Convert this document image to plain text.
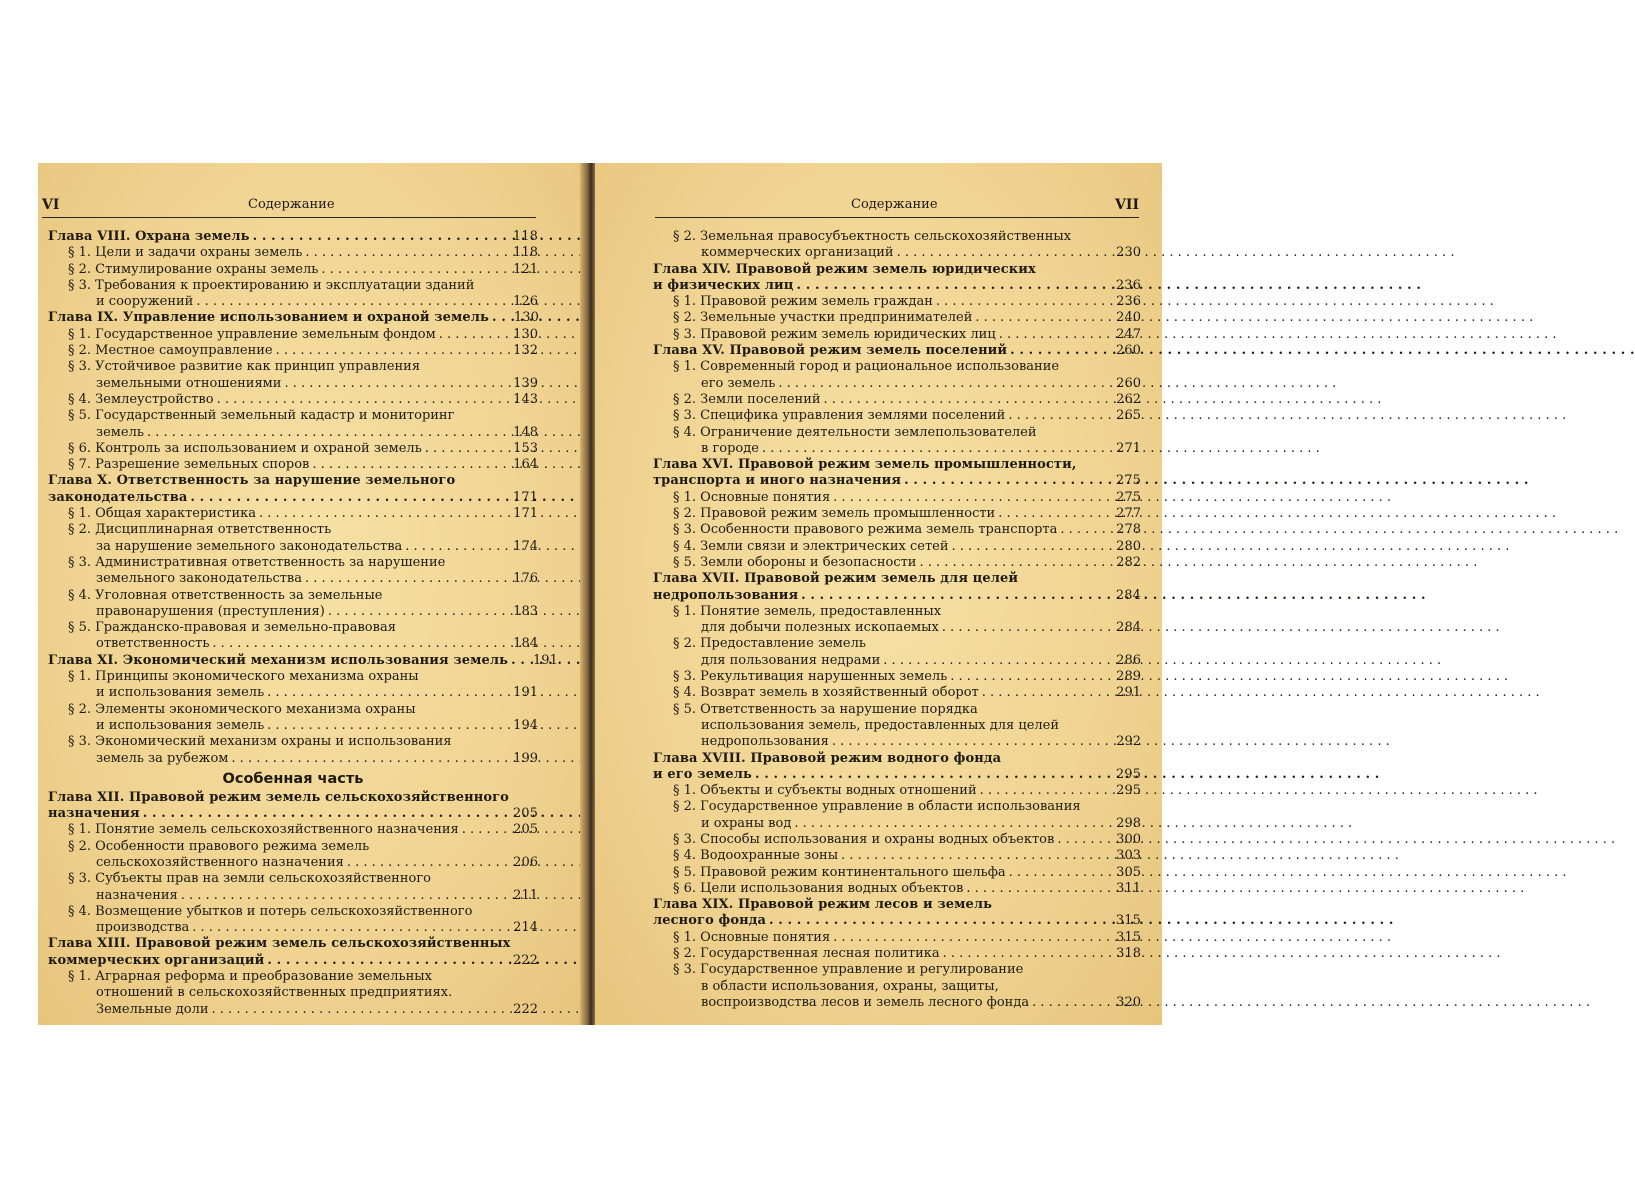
VI	Содержание
Глава VIII. Охрана земель . . .	118
§ 1. Цели и задачи охраны земель . . .	118
§ 2. Стимулирование охраны земель . . .	121
§ 3. Требования к проектированию и эксплуатации зданий
и сооружений . . .	126
Глава IX. Управление использованием и охраной земель . . .	130
§ 1. Государственное управление земельным фондом . . .	130
§ 2. Местное самоуправление . . .	132
§ 3. Устойчивое развитие как принцип управления
земельными отношениями . . .	139
§ 4. Землеустройство . . .	143
§ 5. Государственный земельный кадастр и мониторинг
земель . . .	148
§ 6. Контроль за использованием и охраной земель . . .	153
§ 7. Разрешение земельных споров . . .	164
Глава X. Ответственность за нарушение земельного
законодательства . . .	171
§ 1. Общая характеристика . . .	171
§ 2. Дисциплинарная ответственность
за нарушение земельного законодательства . . .	174
§ 3. Административная ответственность за нарушение
земельного законодательства . . .	176
§ 4. Уголовная ответственность за земельные
правонарушения (преступления) . . .	183
§ 5. Гражданско-правовая и земельно-правовая
ответственность . . .	184
Глава XI. Экономический механизм использования земель . . .	191
§ 1. Принципы экономического механизма охраны
и использования земель . . .	191
§ 2. Элементы экономического механизма охраны
и использования земель . . .	194
§ 3. Экономический механизм охраны и использования
земель за рубежом . . .	199
Особенная часть
Глава XII. Правовой режим земель сельскохозяйственного
назначения . . .	205
§ 1. Понятие земель сельскохозяйственного назначения . . .	205
§ 2. Особенности правового режима земель
сельскохозяйственного назначения . . .	206
§ 3. Субъекты прав на земли сельскохозяйственного
назначения . . .	211
§ 4. Возмещение убытков и потерь сельскохозяйственного
производства . . .	214
Глава XIII. Правовой режим земель сельскохозяйственных
коммерческих организаций . . .	222
§ 1. Аграрная реформа и преобразование земельных
отношений в сельскохозяйственных предприятиях.
Земельные доли . . .	222
Содержание	VII
§ 2. Земельная правосубъектность сельскохозяйственных
коммерческих организаций . . .	230
Глава XIV. Правовой режим земель юридических
и физических лиц . . .	236
§ 1. Правовой режим земель граждан . . .	236
§ 2. Земельные участки предпринимателей . . .	240
§ 3. Правовой режим земель юридических лиц . . .	247
Глава XV. Правовой режим земель поселений . . .	260
§ 1. Современный город и рациональное использование
его земель . . .	260
§ 2. Земли поселений . . .	262
§ 3. Специфика управления землями поселений . . .	265
§ 4. Ограничение деятельности землепользователей
в городе . . .	271
Глава XVI. Правовой режим земель промышленности,
транспорта и иного назначения . . .	275
§ 1. Основные понятия . . .	275
§ 2. Правовой режим земель промышленности . . .	277
§ 3. Особенности правового режима земель транспорта . . .	278
§ 4. Земли связи и электрических сетей . . .	280
§ 5. Земли обороны и безопасности . . .	282
Глава XVII. Правовой режим земель для целей
недропользования . . .	284
§ 1. Понятие земель, предоставленных
для добычи полезных ископаемых . . .	284
§ 2. Предоставление земель
для пользования недрами . . .	286
§ 3. Рекультивация нарушенных земель . . .	289
§ 4. Возврат земель в хозяйственный оборот . . .	291
§ 5. Ответственность за нарушение порядка
использования земель, предоставленных для целей
недропользования . . .	292
Глава XVIII. Правовой режим водного фонда
и его земель . . .	295
§ 1. Объекты и субъекты водных отношений . . .	295
§ 2. Государственное управление в области использования
и охраны вод . . .	298
§ 3. Способы использования и охраны водных объектов . . .	300
§ 4. Водоохранные зоны . . .	303
§ 5. Правовой режим континентального шельфа . . .	305
§ 6. Цели использования водных объектов . . .	311
Глава XIX. Правовой режим лесов и земель
лесного фонда . . .	315
§ 1. Основные понятия . . .	315
§ 2. Государственная лесная политика . . .	318
§ 3. Государственное управление и регулирование
в области использования, охраны, защиты,
воспроизводства лесов и земель лесного фонда . . .	320
